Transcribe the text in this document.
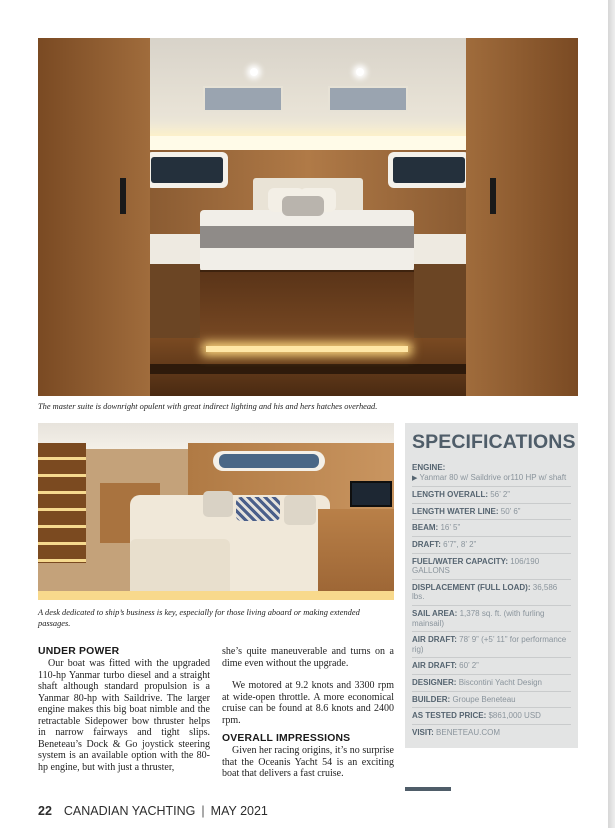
The master suite is downright opulent with great indirect lighting and his and hers hatches overhead.
A desk dedicated to ship’s business is key, especially for those living aboard or making extended passages.
UNDER POWER

Our boat was fitted with the upgraded 110-hp Yanmar turbo diesel and a straight shaft although standard propulsion is a Yanmar 80-hp with Saildrive. The larger engine makes this big boat nimble and the retractable Sidepower bow thruster helps in narrow fairways and tight slips. Beneteau’s Dock & Go joystick steering system is an available option with the 80-hp engine, but with just a thruster,

she’s quite maneuverable and turns on a dime even without the upgrade.

We motored at 9.2 knots and 3300 rpm at wide-open throttle. A more economical cruise can be found at 8.6 knots and 2400 rpm.

OVERALL IMPRESSIONS

Given her racing origins, it’s no surprise that the Oceanis Yacht 54 is an exciting boat that delivers a fast cruise.

SPECIFICATIONS
ENGINE:
▶ Yanmar 80 w/ Saildrive or110 HP w/ shaft
LENGTH OVERALL: 56’ 2”
LENGTH WATER LINE: 50’ 6”
BEAM: 16’ 5”
DRAFT: 6’7”, 8’ 2”
FUEL/WATER CAPACITY: 106/190 GALLONS
DISPLACEMENT (FULL LOAD): 36,586 lbs.
SAIL AREA: 1,378 sq. ft. (with furling mainsail)
AIR DRAFT: 78’ 9” (+5’ 11” for performance rig)
AIR DRAFT: 60’ 2”
DESIGNER: Biscontini Yacht Design
BUILDER: Groupe Beneteau
AS TESTED PRICE: $861,000 USD
VISIT: BENETEAU.COM
22 CANADIAN YACHTING | MAY 2021
